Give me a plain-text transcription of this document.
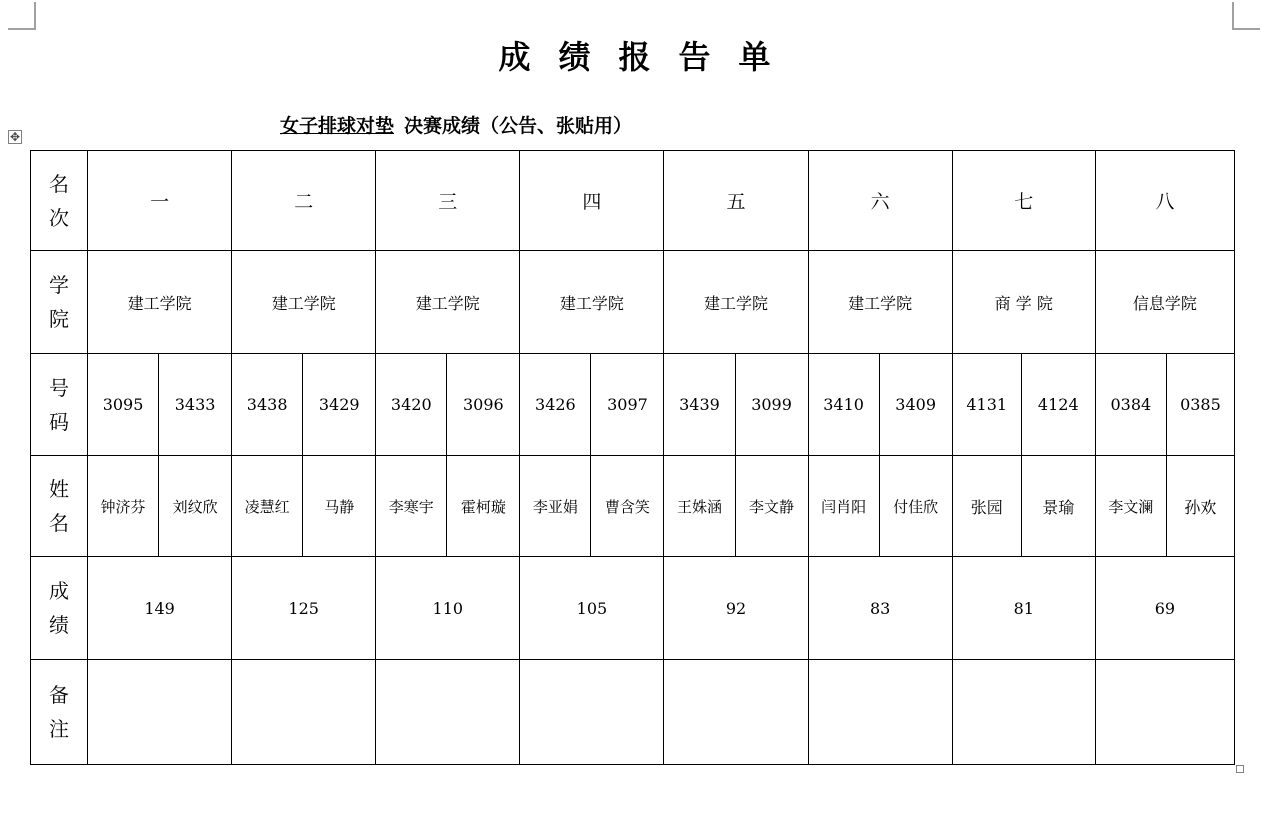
成绩报告单
女子排球对垫 决赛成绩（公告、张贴用）
✥
名
次	一		二		三		四		五		六		七		八	
学
院	建工学院		建工学院		建工学院		建工学院		建工学院		建工学院		商 学 院		信息学院	
号
码	3095	3433	3438	3429	3420	3096	3426	3097	3439	3099	3410	3409	4131	4124	0384	0385
姓
名	钟济芬	刘纹欣	凌慧红	马静	李寒宇	霍柯璇	李亚娟	曹含笑	王姝涵	李文静	闫肖阳	付佳欣	张园	景瑜	李文澜	孙欢
成
绩	149		125		110		105		92		83		81		69	
备
注																
